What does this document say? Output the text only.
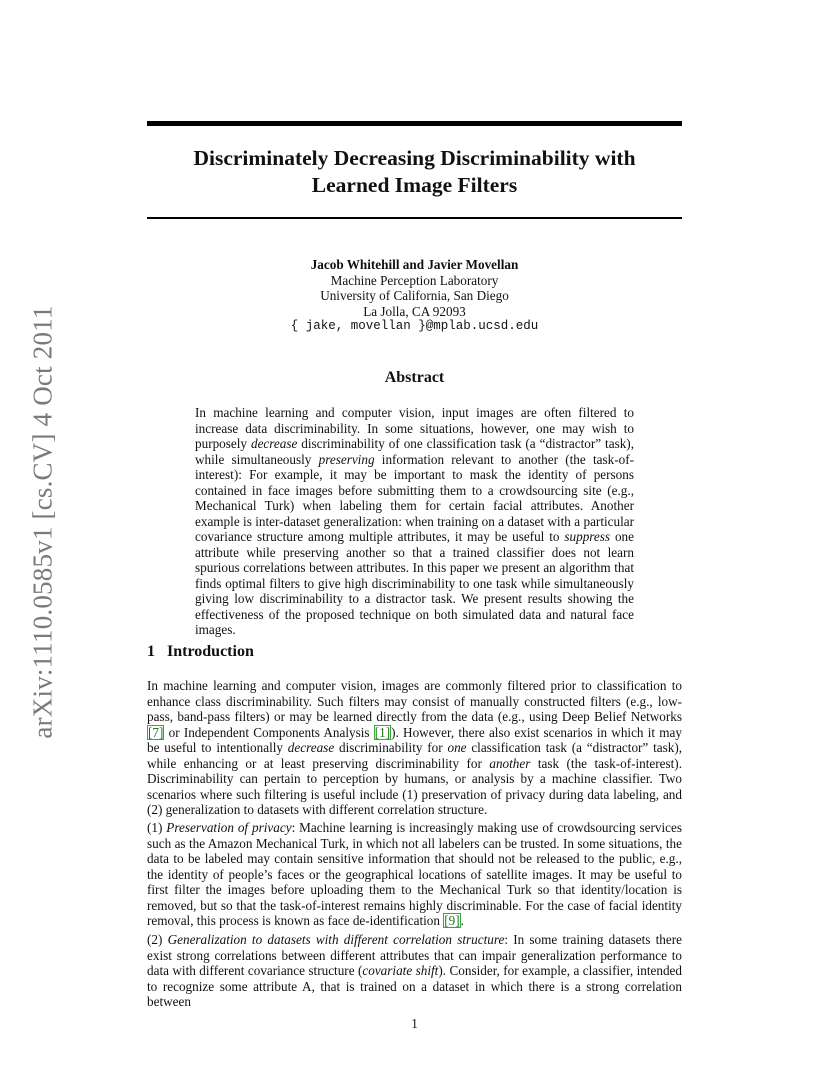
arXiv:1110.0585v1 [cs.CV] 4 Oct 2011
Discriminately Decreasing Discriminability with
Learned Image Filters
Jacob Whitehill and Javier Movellan
Machine Perception Laboratory
University of California, San Diego
La Jolla, CA 92093
{ jake, movellan }@mplab.ucsd.edu
Abstract

In machine learning and computer vision, input images are often filtered to increase data discriminability. In some situations, however, one may wish to purposely decrease discriminability of one classification task (a “distractor” task), while simultaneously preserving information relevant to another (the task-of-interest): For example, it may be important to mask the identity of persons contained in face images before submitting them to a crowdsourcing site (e.g., Mechanical Turk) when labeling them for certain facial attributes. Another example is inter-dataset generalization: when training on a dataset with a particular covariance structure among multiple attributes, it may be useful to suppress one attribute while preserving another so that a trained classifier does not learn spurious correlations between attributes. In this paper we present an algorithm that finds optimal filters to give high discriminability to one task while simultaneously giving low discriminability to a distractor task. We present results showing the effectiveness of the proposed technique on both simulated data and natural face images.

1 Introduction

In machine learning and computer vision, images are commonly filtered prior to classification to enhance class discriminability. Such filters may consist of manually constructed filters (e.g., low-pass, band-pass filters) or may be learned directly from the data (e.g., using Deep Belief Networks [7] or Independent Components Analysis [1]). However, there also exist scenarios in which it may be useful to intentionally decrease discriminability for one classification task (a “distractor” task), while enhancing or at least preserving discriminability for another task (the task-of-interest). Discriminability can pertain to perception by humans, or analysis by a machine classifier. Two scenarios where such filtering is useful include (1) preservation of privacy during data labeling, and (2) generalization to datasets with different correlation structure.

(1) Preservation of privacy: Machine learning is increasingly making use of crowdsourcing services such as the Amazon Mechanical Turk, in which not all labelers can be trusted. In some situations, the data to be labeled may contain sensitive information that should not be released to the public, e.g., the identity of people’s faces or the geographical locations of satellite images. It may be useful to first filter the images before uploading them to the Mechanical Turk so that identity/location is removed, but so that the task-of-interest remains highly discriminable. For the case of facial identity removal, this process is known as face de-identification [9].

(2) Generalization to datasets with different correlation structure: In some training datasets there exist strong correlations between different attributes that can impair generalization performance to data with different covariance structure (covariate shift). Consider, for example, a classifier, intended to recognize some attribute A, that is trained on a dataset in which there is a strong correlation between

1
